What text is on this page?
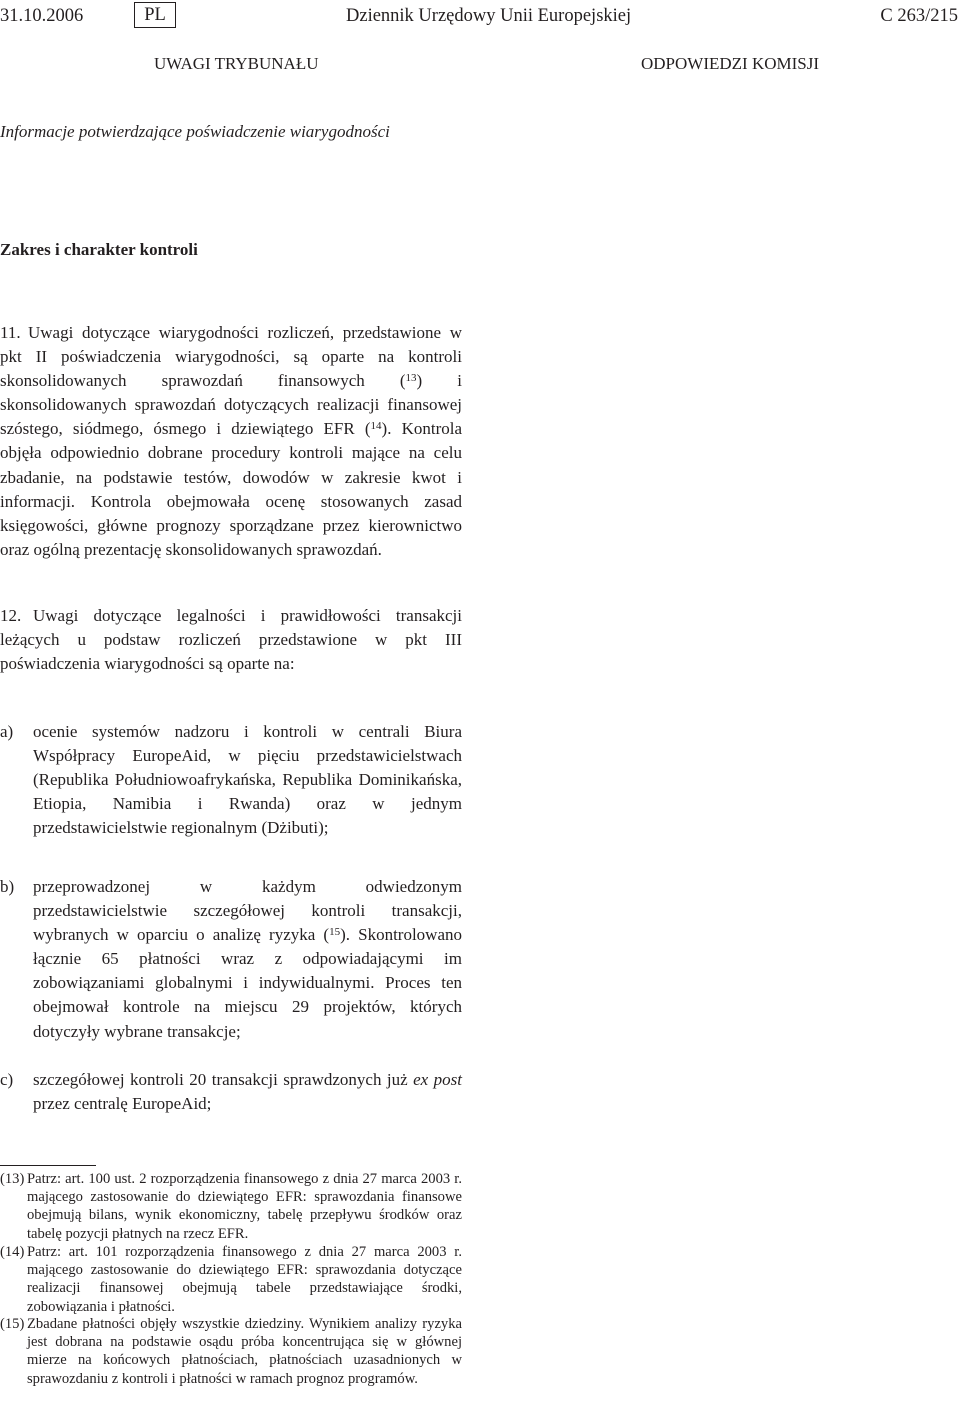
31.10.2006	PL	Dziennik Urzędowy Unii Europejskiej	C 263/215
UWAGI TRYBUNAŁU	ODPOWIEDZI KOMISJI
Informacje potwierdzające poświadczenie wiarygodności
Zakres i charakter kontroli

11. Uwagi dotyczące wiarygodności rozliczeń, przedstawione w pkt II poświadczenia wiarygodności, są oparte na kontroli skonsolidowanych sprawozdań finansowych ($^{13}$) i skonsolidowanych sprawozdań dotyczących realizacji finansowej szóstego, siódmego, ósmego i dziewiątego EFR ($^{14}$). Kontrola objęła odpowiednio dobrane procedury kontroli mające na celu zbadanie, na podstawie testów, dowodów w zakresie kwot i informacji. Kontrola obejmowała ocenę stosowanych zasad księgowości, główne prognozy sporządzane przez kierownictwo oraz ogólną prezentację skonsolidowanych sprawozdań.

12. Uwagi dotyczące legalności i prawidłowości transakcji leżących u podstaw rozliczeń przedstawione w pkt III poświadczenia wiarygodności są oparte na:

a) ocenie systemów nadzoru i kontroli w centrali Biura Współpracy EuropeAid, w pięciu przedstawicielstwach (Republika Południowoafrykańska, Republika Dominikańska, Etiopia, Namibia i Rwanda) oraz w jednym przedstawicielstwie regionalnym (Dżibuti);
b) przeprowadzonej w każdym odwiedzonym przedstawicielstwie szczegółowej kontroli transakcji, wybranych w oparciu o analizę ryzyka ($^{15}$). Skontrolowano łącznie 65 płatności wraz z odpowiadającymi im zobowiązaniami globalnymi i indywidualnymi. Proces ten obejmował kontrole na miejscu 29 projektów, których dotyczyły wybrane transakcje;
c) szczegółowej kontroli 20 transakcji sprawdzonych już ex post przez centralę EuropeAid;
(13) Patrz: art. 100 ust. 2 rozporządzenia finansowego z dnia 27 marca 2003 r. mającego zastosowanie do dziewiątego EFR: sprawozdania finansowe obejmują bilans, wynik ekonomiczny, tabelę przepływu środków oraz tabelę pozycji płatnych na rzecz EFR.
(14) Patrz: art. 101 rozporządzenia finansowego z dnia 27 marca 2003 r. mającego zastosowanie do dziewiątego EFR: sprawozdania dotyczące realizacji finansowej obejmują tabele przedstawiające środki, zobowiązania i płatności.
(15) Zbadane płatności objęły wszystkie dziedziny. Wynikiem analizy ryzyka jest dobrana na podstawie osądu próba koncentrująca się w głównej mierze na końcowych płatnościach, płatnościach uzasadnionych w sprawozdaniu z kontroli i płatności w ramach prognoz programów.
